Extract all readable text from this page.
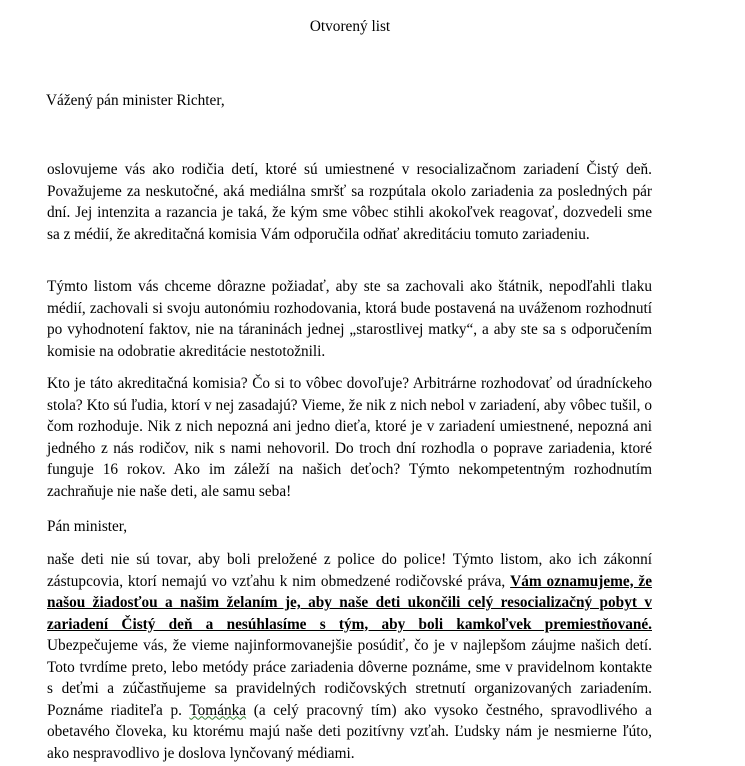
Otvorený list
Vážený pán minister Richter,
oslovujeme vás ako rodičia detí, ktoré sú umiestnené v resocializačnom zariadení Čistý deň. Považujeme za neskutočné, aká mediálna smršť sa rozpútala okolo zariadenia za posledných pár dní. Jej intenzita a razancia je taká, že kým sme vôbec stihli akokoľvek reagovať, dozvedeli sme sa z médií, že akreditačná komisia Vám odporučila odňať akreditáciu tomuto zariadeniu.
Týmto listom vás chceme dôrazne požiadať, aby ste sa zachovali ako štátnik, nepodľahli tlaku médií, zachovali si svoju autonómiu rozhodovania, ktorá bude postavená na uváženom rozhodnutí po vyhodnotení faktov, nie na táraninách jednej „starostlivej matky“, a aby ste sa s odporučením komisie na odobratie akreditácie nestotožnili.
Kto je táto akreditačná komisia? Čo si to vôbec dovoľuje? Arbitrárne rozhodovať od úradníckeho stola? Kto sú ľudia, ktorí v nej zasadajú? Vieme, že nik z nich nebol v zariadení, aby vôbec tušil, o čom rozhoduje. Nik z nich nepozná ani jedno dieťa, ktoré je v zariadení umiestnené, nepozná ani jedného z nás rodičov, nik s nami nehovoril. Do troch dní rozhodla o poprave zariadenia, ktoré funguje 16 rokov. Ako im záleží na našich deťoch? Týmto nekompetentným rozhodnutím zachraňuje nie naše deti, ale samu seba!
Pán minister,
naše deti nie sú tovar, aby boli preložené z police do police! Týmto listom, ako ich zákonní zástupcovia, ktorí nemajú vo vzťahu k nim obmedzené rodičovské práva, Vám oznamujeme, že našou žiadosťou a našim želaním je, aby naše deti ukončili celý resocializačný pobyt v zariadení Čistý deň a nesúhlasíme s tým, aby boli kamkoľvek premiestňované. Ubezpečujeme vás, že vieme najinformovanejšie posúdiť, čo je v najlepšom záujme našich detí. Toto tvrdíme preto, lebo metódy práce zariadenia dôverne poznáme, sme v pravidelnom kontakte s deťmi a zúčastňujeme sa pravidelných rodičovských stretnutí organizovaných zariadením. Poznáme riaditeľa p. Tománka (a celý pracovný tím) ako vysoko čestného, spravodlivého a obetavého človeka, ku ktorému majú naše deti pozitívny vzťah. Ľudsky nám je nesmierne ľúto, ako nespravodlivo je doslova lynčovaný médiami.
